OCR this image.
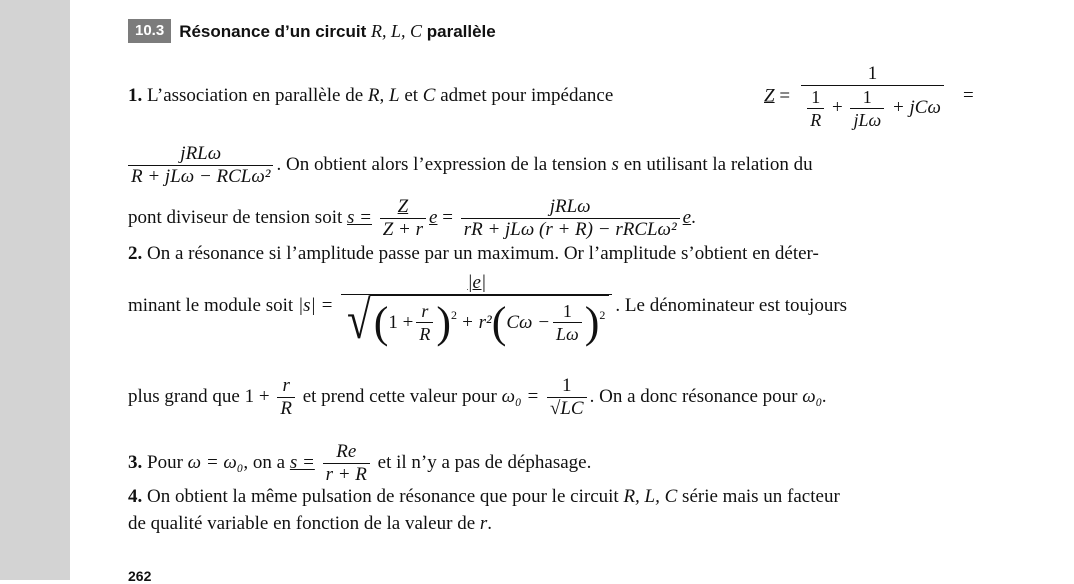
10.3 Résonance d’un circuit R, L, C parallèle
1. L’association en parallèle de R, L et C admet pour impédance	Z =
1
$\frac{1}{R} + \frac{1}{\text{jLω}} + jC\omega$
=
$\frac{\text{jRLω}}{\text{R + jLω − RCLω²}}$ . On obtient alors l’expression de la tension s en utilisant la relation du
pont diviseur de tension soit $s = \frac{Z}{Z + r}$ $e = \frac{\text{jRLω}}{\text{rR + jLω (r + R) − rRCLω²}} e$.
2. On a résonance si l’amplitude passe par un maximum. Or l’amplitude s’obtient en déter-
minant le module soit |s| =
|e|
√ ( $1 + \frac{r}{R}$ ) 2 + r² ( $C\omega - \frac{1}{L\omega}$ ) 2 . Le dénominateur est toujours
plus grand que $1 + \frac{r}{R}$ et prend cette valeur pour $\omega_0 = \frac{1}{√LC}$ . On a donc résonance pour ω₀.
3. Pour ω = ω₀, on a $s = \frac{Re}{r + R}$ et il n’y a pas de déphasage.
4. On obtient la même pulsation de résonance que pour le circuit R, L, C série mais un facteur
de qualité variable en fonction de la valeur de r.
262
